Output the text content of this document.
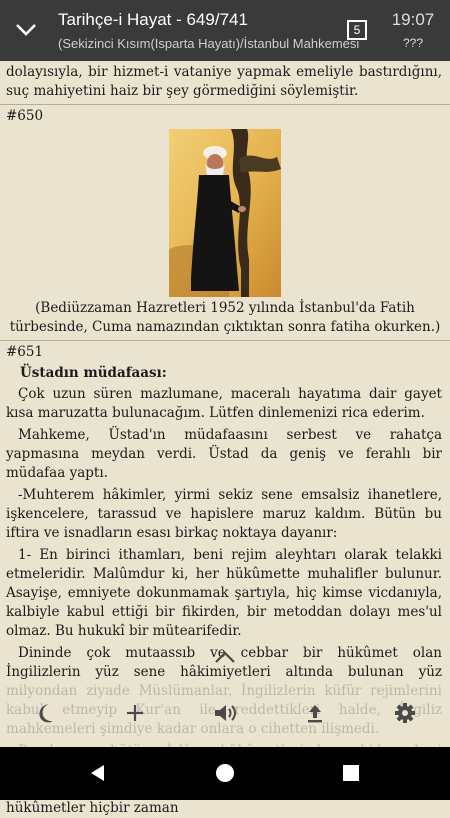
Tarihçe-i Hayat - 649/741
(Sekizinci Kısım(Isparta Hayatı)/İstanbul Mahkemesi
5
19:07
???

dolayısıyla, bir hizmet-i vataniye yapmak emeliyle bastırdığını, suç mahiyetini haiz bir şey görmediğini söylemiştir.

#650

(Bediüzzaman Hazretleri 1952 yılında İstanbul'da Fatih türbesinde, Cuma namazından çıktıktan sonra fatiha okurken.)

#651
Üstadın müdafaası:

Çok uzun süren mazlumane, maceralı hayatıma dair gayet kısa maruzatta bulunacağım. Lütfen dinlemenizi rica ederim.

Mahkeme, Üstad'ın müdafaasını serbest ve rahatça yapmasına meydan verdi. Üstad da geniş ve ferahlı bir müdafaa yaptı.

-Muhterem hâkimler, yirmi sekiz sene emsalsiz ihanetlere, işkencelere, tarassud ve hapislere maruz kaldım. Bütün bu iftira ve isnadların esası birkaç noktaya dayanır:

1- En birinci ithamları, beni rejim aleyhtarı olarak telakki etmeleridir. Malûmdur ki, her hükûmette muhalifler bulunur. Asayişe, emniyete dokunmamak şartıyla, hiç kimse vicdanıyla, kalbiyle kabul ettiği bir fikirden, bir metoddan dolayı mes'ul olmaz. Bu hukukî bir mütearifedir.

Dininde çok mutaassıb ve cebbar bir hükûmet olan İngilizlerin yüz sene hâkimiyetleri altında bulunan yüz

hükûmetler hiçbir zaman
